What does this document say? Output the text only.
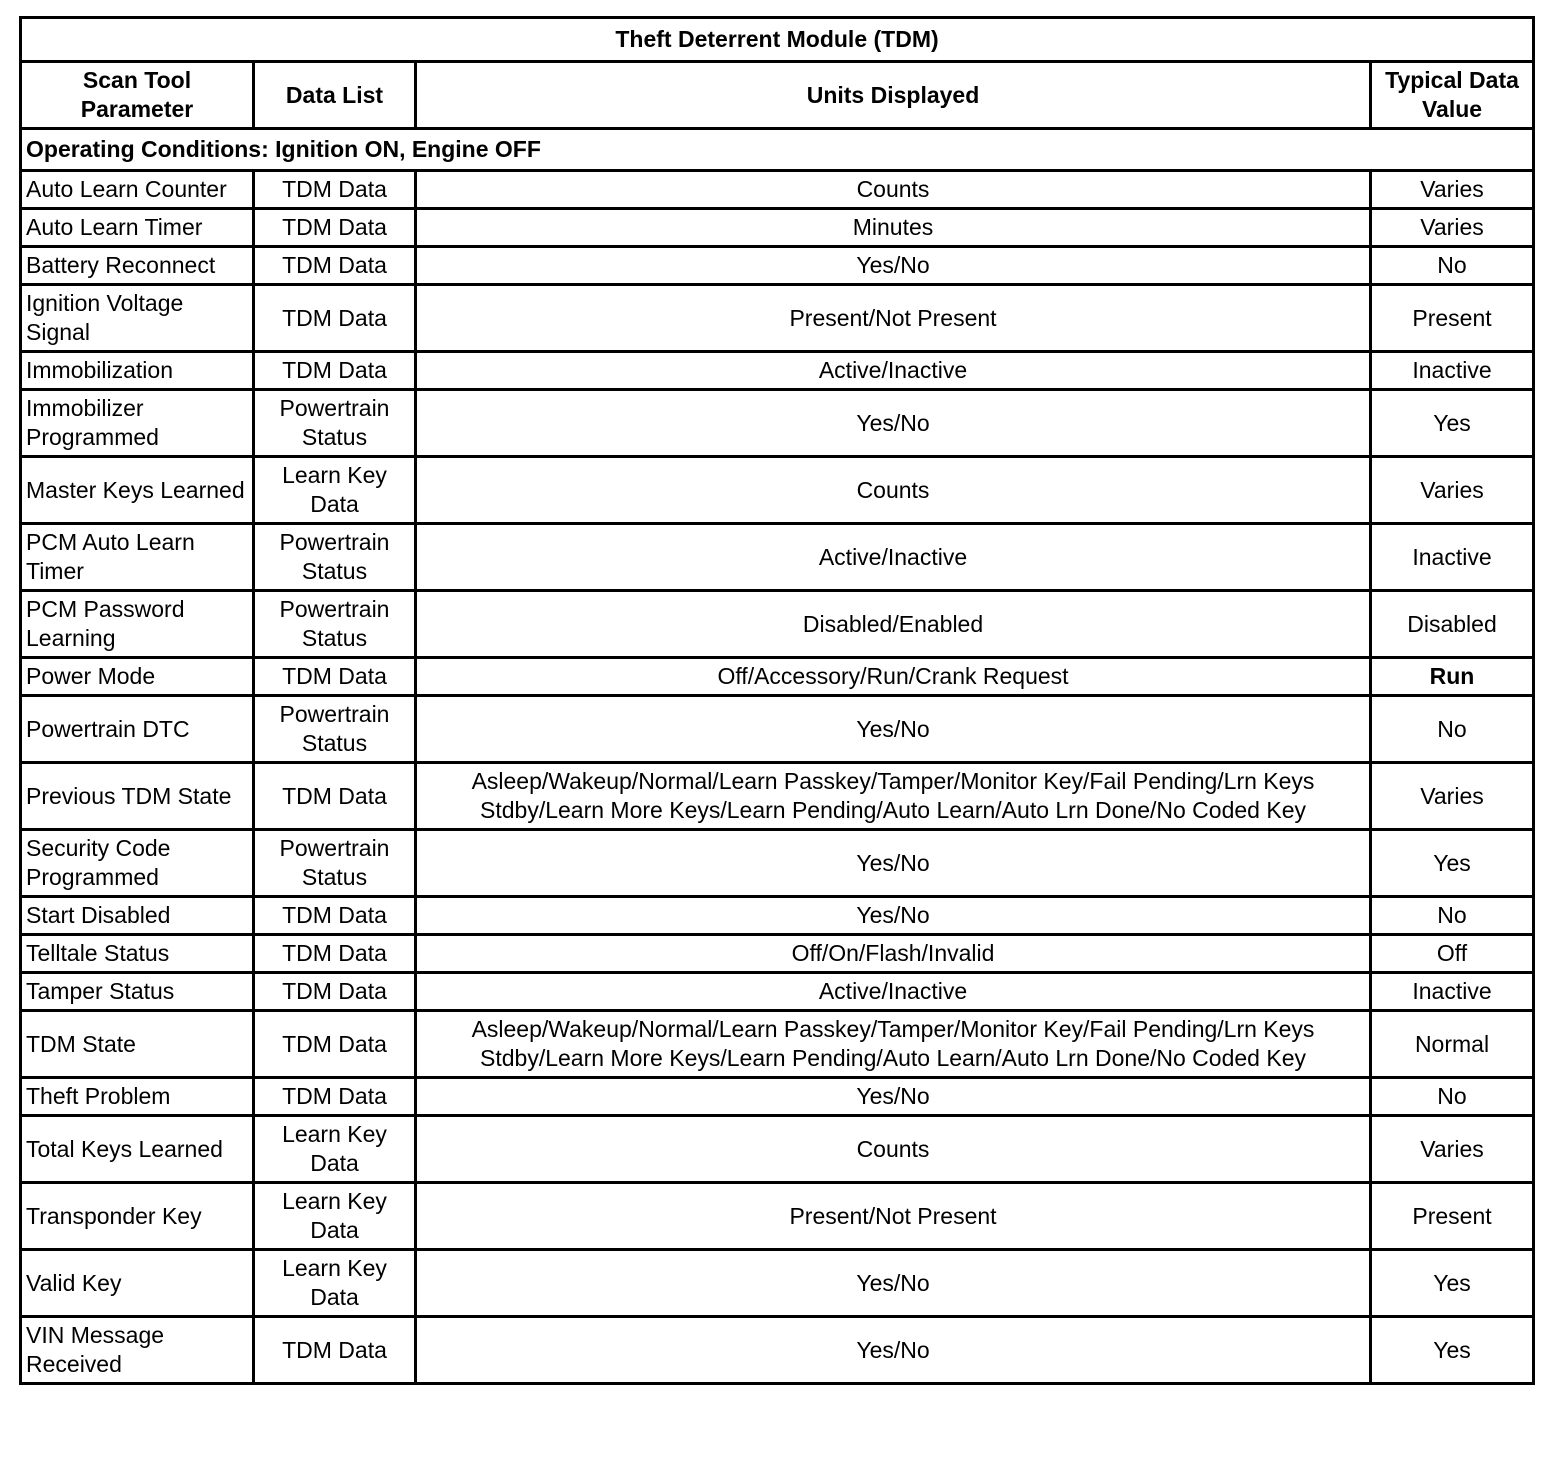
Theft Deterrent Module (TDM)			
Scan Tool Parameter	Data List	Units Displayed	Typical Data Value
Operating Conditions: Ignition ON, Engine OFF			
Auto Learn Counter	TDM Data	Counts	Varies
Auto Learn Timer	TDM Data	Minutes	Varies
Battery Reconnect	TDM Data	Yes/No	No
Ignition Voltage Signal	TDM Data	Present/Not Present	Present
Immobilization	TDM Data	Active/Inactive	Inactive
Immobilizer Programmed	Powertrain Status	Yes/No	Yes
Master Keys Learned	Learn Key Data	Counts	Varies
PCM Auto Learn Timer	Powertrain Status	Active/Inactive	Inactive
PCM Password Learning	Powertrain Status	Disabled/Enabled	Disabled
Power Mode	TDM Data	Off/Accessory/Run/Crank Request	Run
Powertrain DTC	Powertrain Status	Yes/No	No
Previous TDM State	TDM Data	Asleep/Wakeup/Normal/Learn Passkey/Tamper/Monitor Key/Fail Pending/Lrn Keys Stdby/Learn More Keys/Learn Pending/Auto Learn/Auto Lrn Done/No Coded Key	Varies
Security Code Programmed	Powertrain Status	Yes/No	Yes
Start Disabled	TDM Data	Yes/No	No
Telltale Status	TDM Data	Off/On/Flash/Invalid	Off
Tamper Status	TDM Data	Active/Inactive	Inactive
TDM State	TDM Data	Asleep/Wakeup/Normal/Learn Passkey/Tamper/Monitor Key/Fail Pending/Lrn Keys Stdby/Learn More Keys/Learn Pending/Auto Learn/Auto Lrn Done/No Coded Key	Normal
Theft Problem	TDM Data	Yes/No	No
Total Keys Learned	Learn Key Data	Counts	Varies
Transponder Key	Learn Key Data	Present/Not Present	Present
Valid Key	Learn Key Data	Yes/No	Yes
VIN Message Received	TDM Data	Yes/No	Yes
